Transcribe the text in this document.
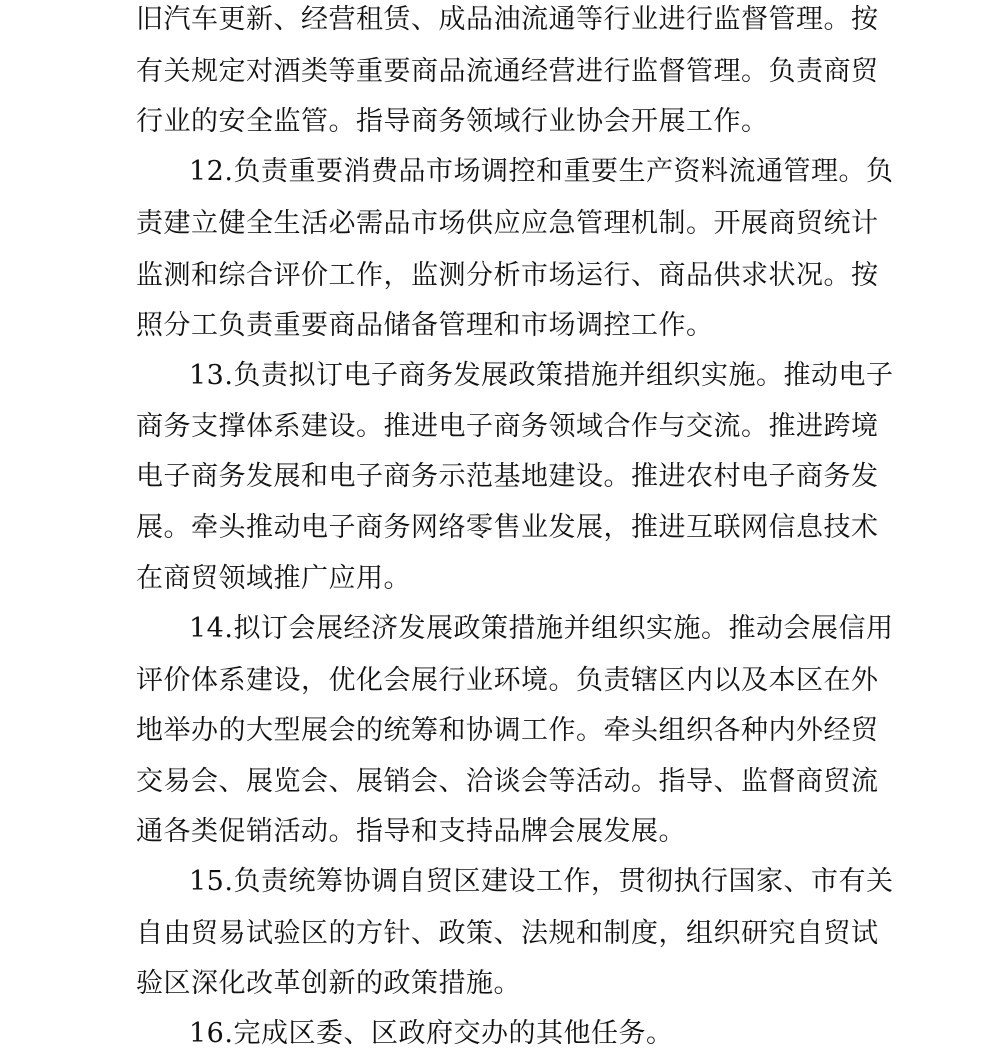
旧汽车更新、经营租赁、成品油流通等行业进行监督管理。按

有关规定对酒类等重要商品流通经营进行监督管理。负责商贸

行业的安全监管。指导商务领域行业协会开展工作。

12.负责重要消费品市场调控和重要生产资料流通管理。负

责建立健全生活必需品市场供应应急管理机制。开展商贸统计

监测和综合评价工作，监测分析市场运行、商品供求状况。按

照分工负责重要商品储备管理和市场调控工作。

13.负责拟订电子商务发展政策措施并组织实施。推动电子

商务支撑体系建设。推进电子商务领域合作与交流。推进跨境

电子商务发展和电子商务示范基地建设。推进农村电子商务发

展。牵头推动电子商务网络零售业发展，推进互联网信息技术

在商贸领域推广应用。

14.拟订会展经济发展政策措施并组织实施。推动会展信用

评价体系建设，优化会展行业环境。负责辖区内以及本区在外

地举办的大型展会的统筹和协调工作。牵头组织各种内外经贸

交易会、展览会、展销会、洽谈会等活动。指导、监督商贸流

通各类促销活动。指导和支持品牌会展发展。

15.负责统筹协调自贸区建设工作，贯彻执行国家、市有关

自由贸易试验区的方针、政策、法规和制度，组织研究自贸试

验区深化改革创新的政策措施。

16.完成区委、区政府交办的其他任务。
